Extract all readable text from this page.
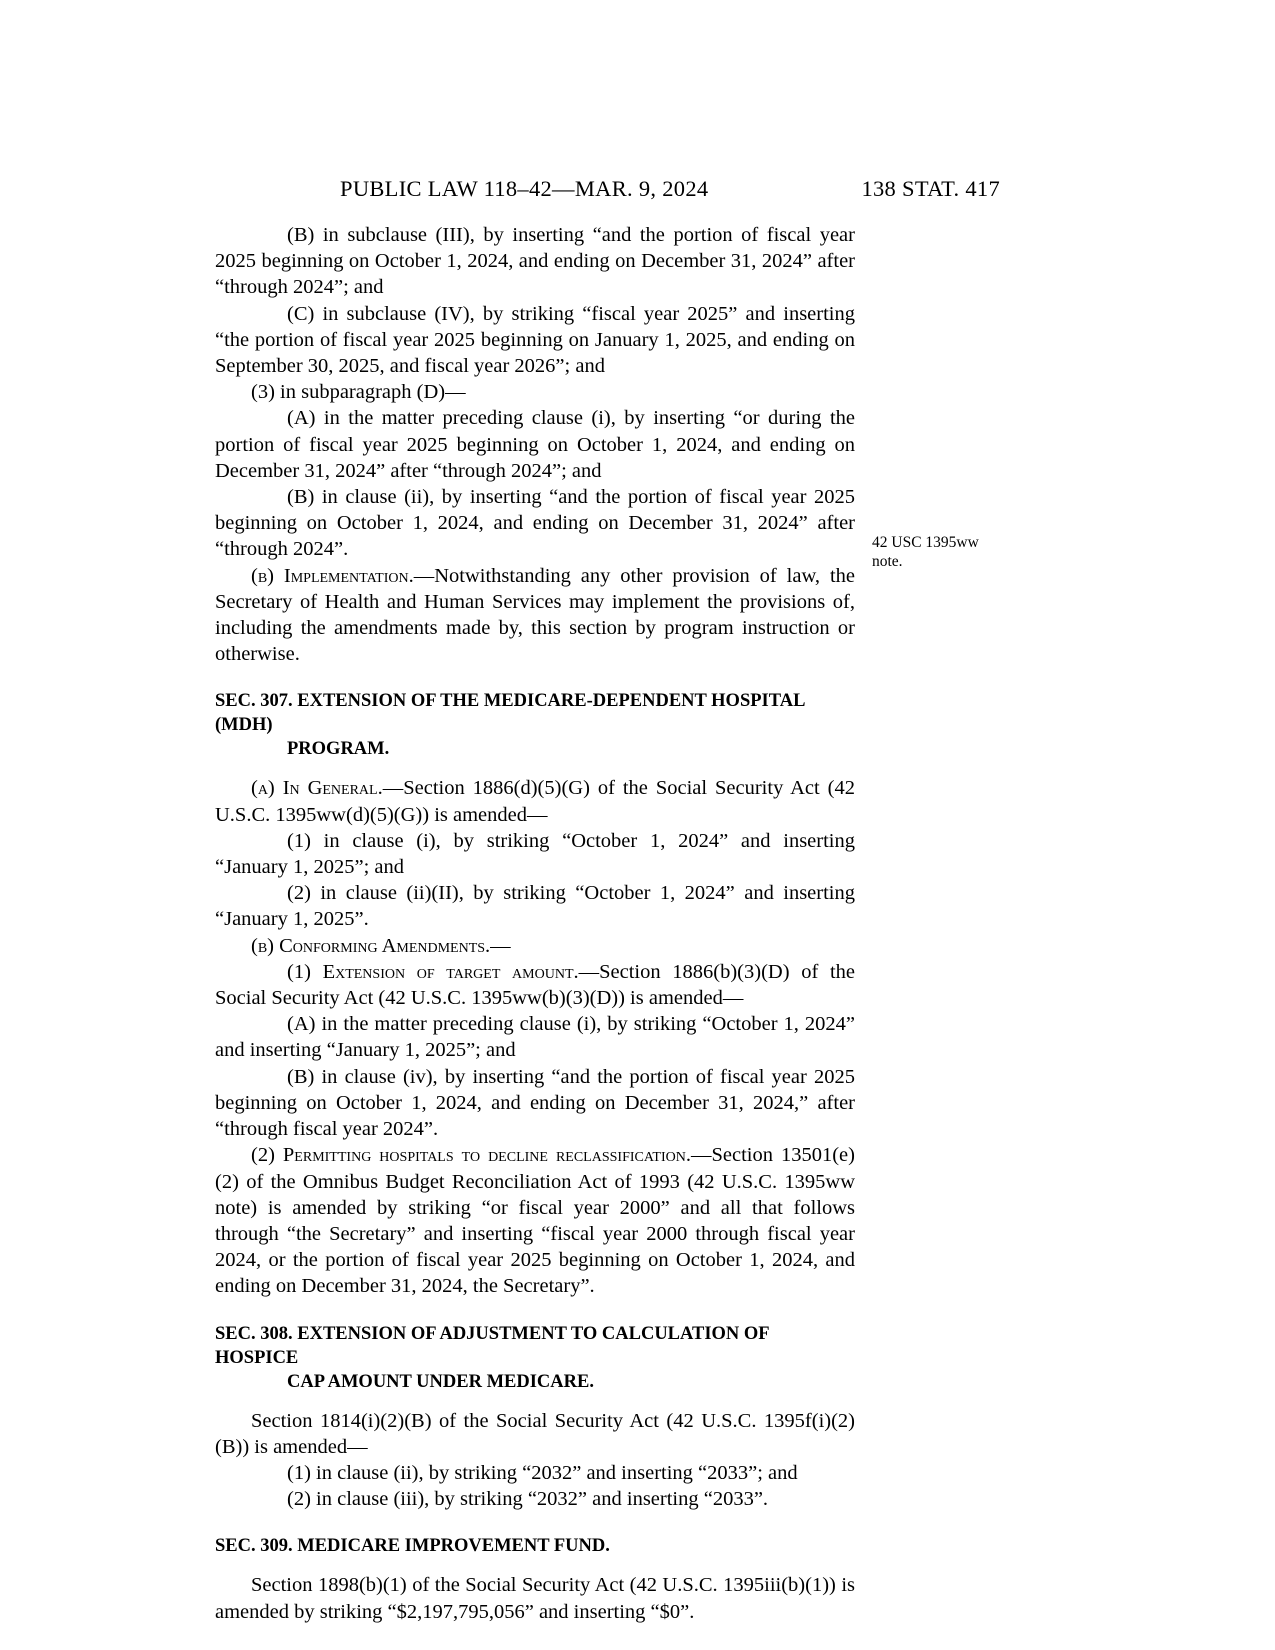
PUBLIC LAW 118–42—MAR. 9, 2024	138 STAT. 417
42 USC 1395ww
note.

(B) in subclause (III), by inserting “and the portion of fiscal year 2025 beginning on October 1, 2024, and ending on December 31, 2024” after “through 2024”; and

(C) in subclause (IV), by striking “fiscal year 2025” and inserting “the portion of fiscal year 2025 beginning on January 1, 2025, and ending on September 30, 2025, and fiscal year 2026”; and

(3) in subparagraph (D)—

(A) in the matter preceding clause (i), by inserting “or during the portion of fiscal year 2025 beginning on October 1, 2024, and ending on December 31, 2024” after “through 2024”; and

(B) in clause (ii), by inserting “and the portion of fiscal year 2025 beginning on October 1, 2024, and ending on December 31, 2024” after “through 2024”.

(b) Implementation.—Notwithstanding any other provision of law, the Secretary of Health and Human Services may implement the provisions of, including the amendments made by, this section by program instruction or otherwise.

SEC. 307. EXTENSION OF THE MEDICARE-DEPENDENT HOSPITAL (MDH)
PROGRAM.

(a) In General.—Section 1886(d)(5)(G) of the Social Security Act (42 U.S.C. 1395ww(d)(5)(G)) is amended—

(1) in clause (i), by striking “October 1, 2024” and inserting “January 1, 2025”; and

(2) in clause (ii)(II), by striking “October 1, 2024” and inserting “January 1, 2025”.

(b) Conforming Amendments.—

(1) Extension of target amount.—Section 1886(b)(3)(D) of the Social Security Act (42 U.S.C. 1395ww(b)(3)(D)) is amended—

(A) in the matter preceding clause (i), by striking “October 1, 2024” and inserting “January 1, 2025”; and

(B) in clause (iv), by inserting “and the portion of fiscal year 2025 beginning on October 1, 2024, and ending on December 31, 2024,” after “through fiscal year 2024”.

(2) Permitting hospitals to decline reclassification.—Section 13501(e)(2) of the Omnibus Budget Reconciliation Act of 1993 (42 U.S.C. 1395ww note) is amended by striking “or fiscal year 2000” and all that follows through “the Secretary” and inserting “fiscal year 2000 through fiscal year 2024, or the portion of fiscal year 2025 beginning on October 1, 2024, and ending on December 31, 2024, the Secretary”.

SEC. 308. EXTENSION OF ADJUSTMENT TO CALCULATION OF HOSPICE
CAP AMOUNT UNDER MEDICARE.

Section 1814(i)(2)(B) of the Social Security Act (42 U.S.C. 1395f(i)(2)(B)) is amended—

(1) in clause (ii), by striking “2032” and inserting “2033”; and

(2) in clause (iii), by striking “2032” and inserting “2033”.

SEC. 309. MEDICARE IMPROVEMENT FUND.

Section 1898(b)(1) of the Social Security Act (42 U.S.C. 1395iii(b)(1)) is amended by striking “$2,197,795,056” and inserting “$0”.
